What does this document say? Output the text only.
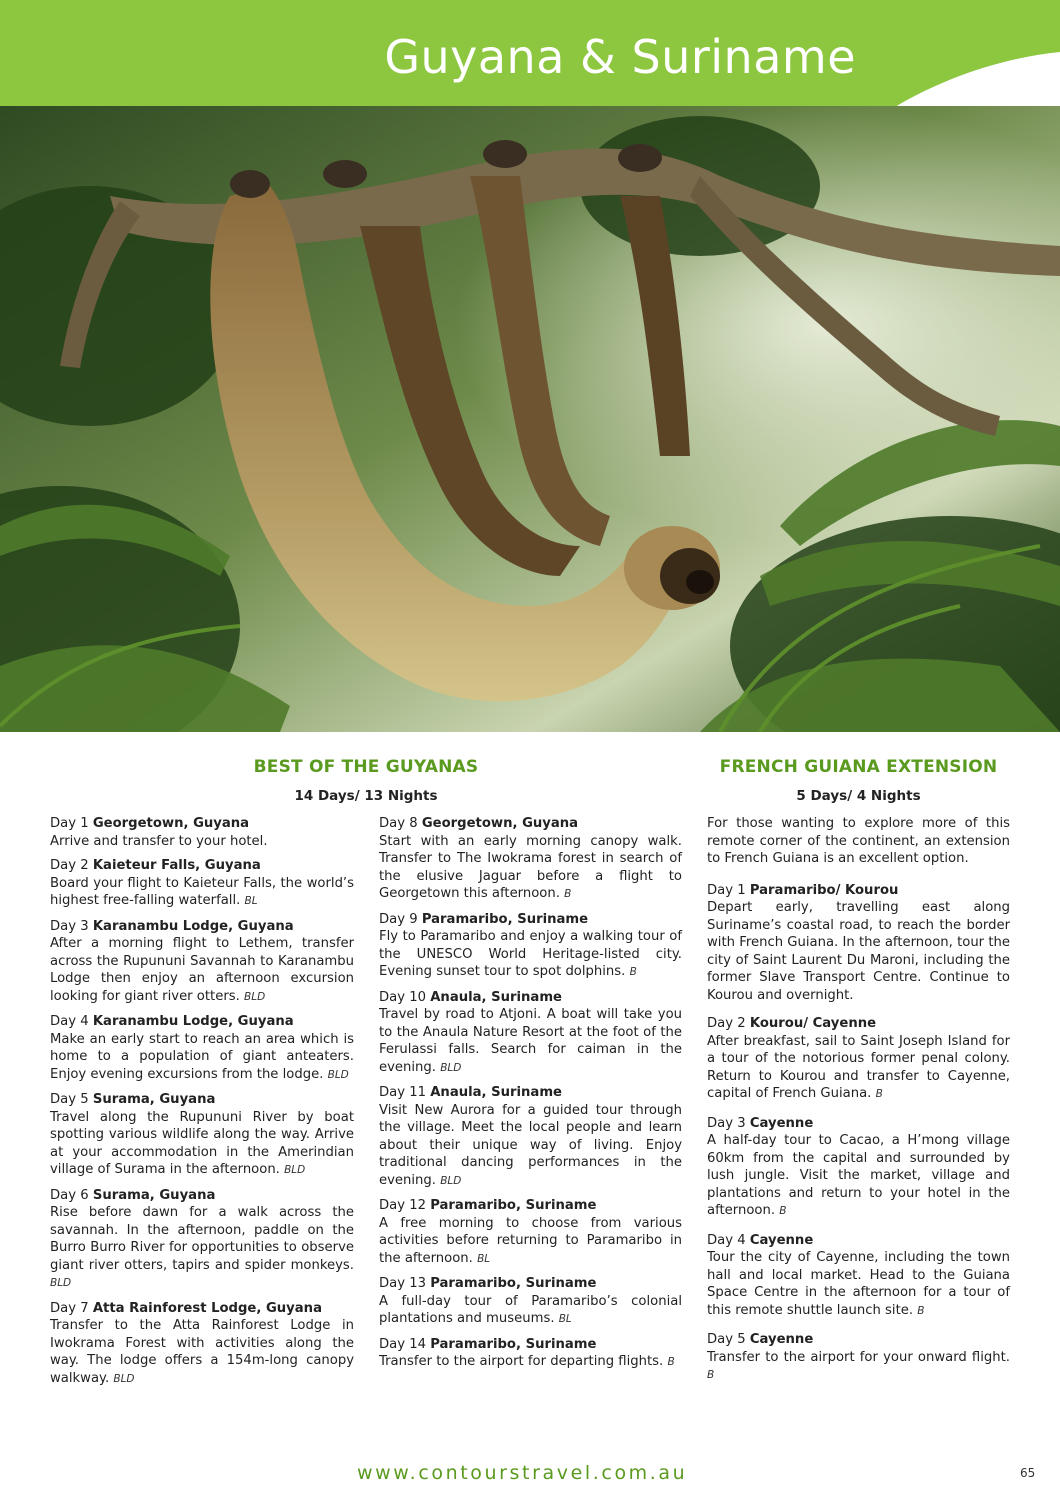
Guyana & Suriname
BEST OF THE GUYANAS
14 Days/ 13 Nights
FRENCH GUIANA EXTENSION
5 Days/ 4 Nights
Day 1 Georgetown, Guyana
Arrive and transfer to your hotel.
Day 2 Kaieteur Falls, Guyana
Board your flight to Kaieteur Falls, the world’s highest free-falling waterfall. BL
Day 3 Karanambu Lodge, Guyana
After a morning flight to Lethem, transfer across the Rupununi Savannah to Karanambu Lodge then enjoy an afternoon excursion looking for giant river otters. BLD
Day 4 Karanambu Lodge, Guyana
Make an early start to reach an area which is home to a population of giant anteaters. Enjoy evening excursions from the lodge. BLD
Day 5 Surama, Guyana
Travel along the Rupununi River by boat spotting various wildlife along the way. Arrive at your accommodation in the Amerindian village of Surama in the afternoon. BLD
Day 6 Surama, Guyana
Rise before dawn for a walk across the savannah. In the afternoon, paddle on the Burro Burro River for opportunities to observe giant river otters, tapirs and spider monkeys. BLD
Day 7 Atta Rainforest Lodge, Guyana
Transfer to the Atta Rainforest Lodge in Iwokrama Forest with activities along the way. The lodge offers a 154m-long canopy walkway. BLD
Day 8 Georgetown, Guyana
Start with an early morning canopy walk. Transfer to The Iwokrama forest in search of the elusive Jaguar before a flight to Georgetown this afternoon. B
Day 9 Paramaribo, Suriname
Fly to Paramaribo and enjoy a walking tour of the UNESCO World Heritage-listed city. Evening sunset tour to spot dolphins. B
Day 10 Anaula, Suriname
Travel by road to Atjoni. A boat will take you to the Anaula Nature Resort at the foot of the Ferulassi falls. Search for caiman in the evening. BLD
Day 11 Anaula, Suriname
Visit New Aurora for a guided tour through the village. Meet the local people and learn about their unique way of living. Enjoy traditional dancing performances in the evening. BLD
Day 12 Paramaribo, Suriname
A free morning to choose from various activities before returning to Paramaribo in the afternoon. BL
Day 13 Paramaribo, Suriname
A full-day tour of Paramaribo’s colonial plantations and museums. BL
Day 14 Paramaribo, Suriname
Transfer to the airport for departing flights. B
For those wanting to explore more of this remote corner of the continent, an extension to French Guiana is an excellent option.
Day 1 Paramaribo/ Kourou
Depart early, travelling east along Suriname’s coastal road, to reach the border with French Guiana. In the afternoon, tour the city of Saint Laurent Du Maroni, including the former Slave Transport Centre. Continue to Kourou and overnight.
Day 2 Kourou/ Cayenne
After breakfast, sail to Saint Joseph Island for a tour of the notorious former penal colony. Return to Kourou and transfer to Cayenne, capital of French Guiana. B
Day 3 Cayenne
A half-day tour to Cacao, a H’mong village 60km from the capital and surrounded by lush jungle. Visit the market, village and plantations and return to your hotel in the afternoon. B
Day 4 Cayenne
Tour the city of Cayenne, including the town hall and local market. Head to the Guiana Space Centre in the afternoon for a tour of this remote shuttle launch site. B
Day 5 Cayenne
Transfer to the airport for your onward flight. B
www.contourstravel.com.au	65
